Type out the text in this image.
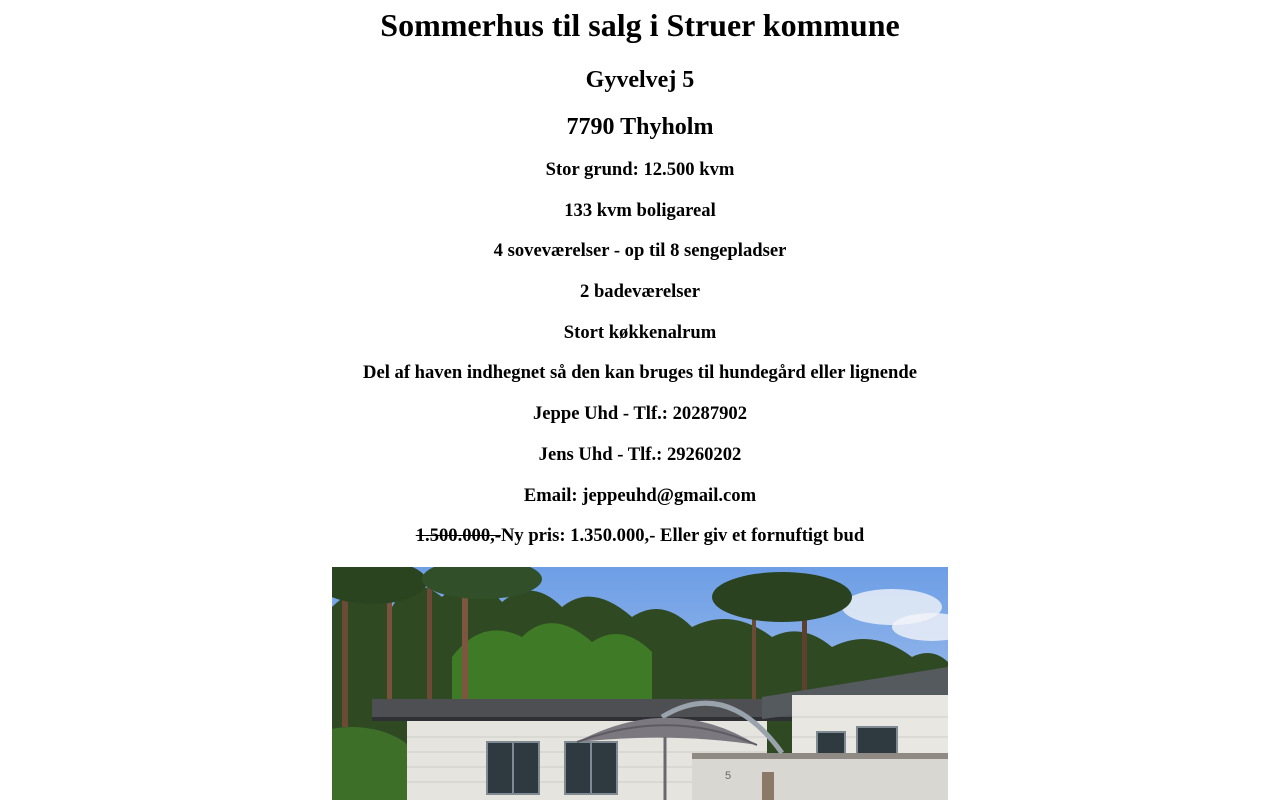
Sommerhus til salg i Struer kommune
Gyvelvej 5
7790 Thyholm

Stor grund: 12.500 kvm

133 kvm boligareal

4 soveværelser - op til 8 sengepladser

2 badeværelser

Stort køkkenalrum

Del af haven indhegnet så den kan bruges til hundegård eller lignende

Jeppe Uhd - Tlf.: 20287902

Jens Uhd - Tlf.: 29260202

Email: jeppeuhd@gmail.com

1.500.000,-Ny pris: 1.350.000,- Eller giv et fornuftigt bud

5
